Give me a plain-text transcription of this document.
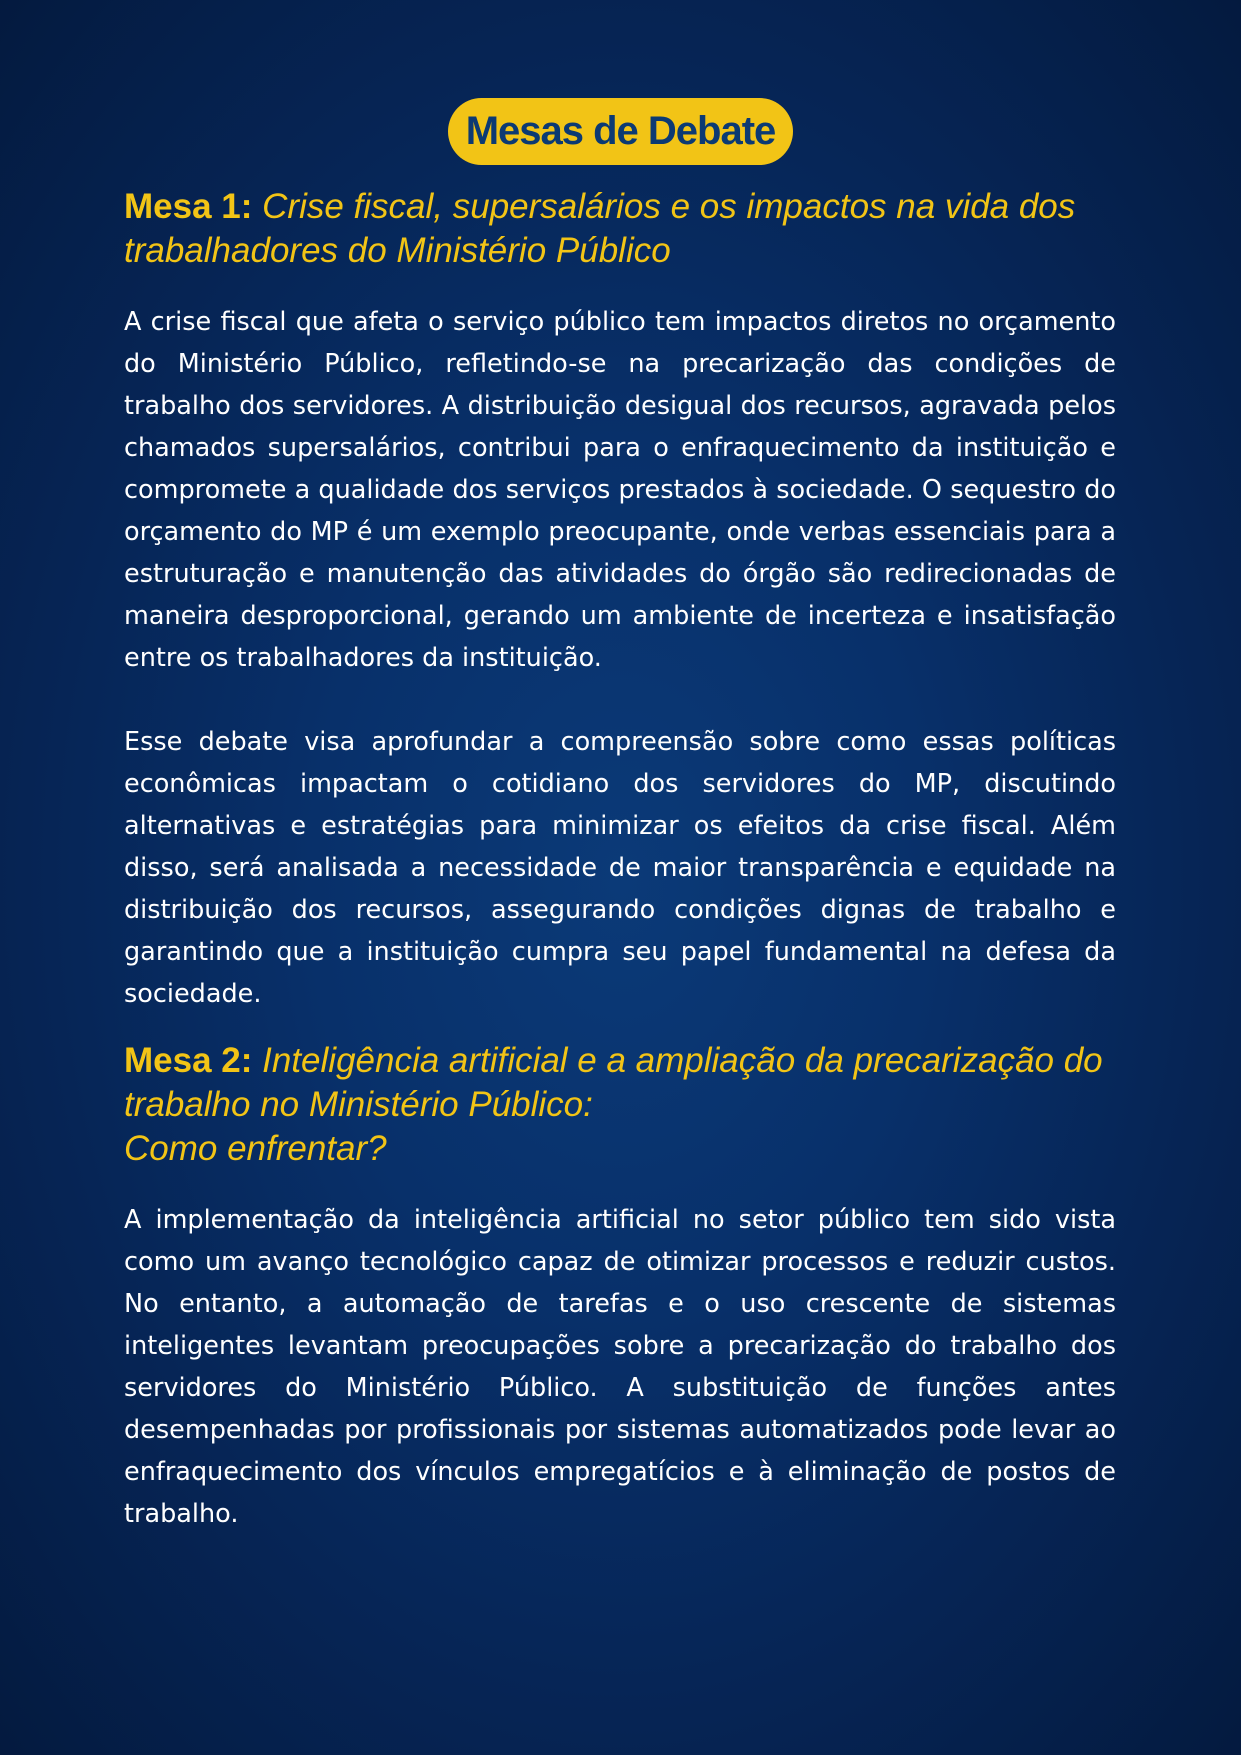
Mesas de Debate
Mesa 1: Crise fiscal, supersalários e os impactos na vida dos trabalhadores do Ministério Público

A crise fiscal que afeta o serviço público tem impactos diretos no orçamento do Ministério Público, refletindo-se na precarização das condições de trabalho dos servidores. A distribuição desigual dos recursos, agravada pelos chamados supersalários, contribui para o enfraquecimento da instituição e compromete a qualidade dos serviços prestados à sociedade. O sequestro do orçamento do MP é um exemplo preocupante, onde verbas essenciais para a estruturação e manutenção das atividades do órgão são redirecionadas de maneira desproporcional, gerando um ambiente de incerteza e insatisfação entre os trabalhadores da instituição.

Esse debate visa aprofundar a compreensão sobre como essas políticas econômicas impactam o cotidiano dos servidores do MP, discutindo alternativas e estratégias para minimizar os efeitos da crise fiscal. Além disso, será analisada a necessidade de maior transparência e equidade na distribuição dos recursos, assegurando condições dignas de trabalho e garantindo que a instituição cumpra seu papel fundamental na defesa da sociedade.

Mesa 2: Inteligência artificial e a ampliação da precarização do trabalho no Ministério Público:
Como enfrentar?

A implementação da inteligência artificial no setor público tem sido vista como um avanço tecnológico capaz de otimizar processos e reduzir custos. No entanto, a automação de tarefas e o uso crescente de sistemas inteligentes levantam preocupações sobre a precarização do trabalho dos servidores do Ministério Público. A substituição de funções antes desempenhadas por profissionais por sistemas automatizados pode levar ao enfraquecimento dos vínculos empregatícios e à eliminação de postos de trabalho.
